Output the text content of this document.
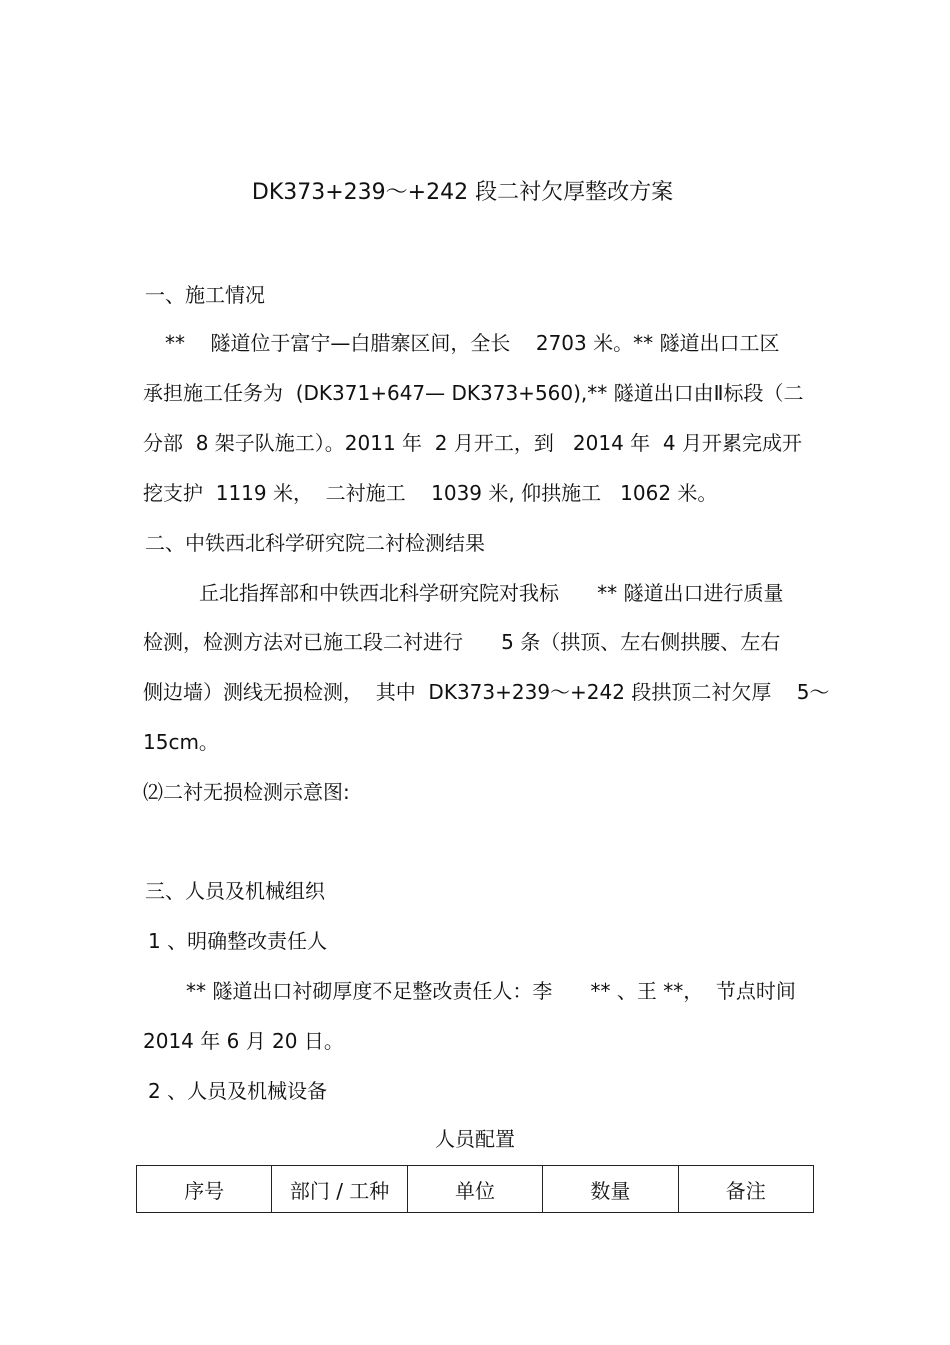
DK373+239～+242 段二衬欠厚整改方案
一、施工情况
**    隧道位于富宁—白腊寨区间，全长    2703 米。** 隧道出口工区
承担施工任务为  (DK371+647— DK373+560),** 隧道出口由Ⅱ标段（二
分部  8 架子队施工）。2011 年  2 月开工，到   2014 年  4 月开累完成开
挖支护  1119 米，  二衬施工    1039 米, 仰拱施工   1062 米。
二、中铁西北科学研究院二衬检测结果
丘北指挥部和中铁西北科学研究院对我标      ** 隧道出口进行质量
检测，检测方法对已施工段二衬进行      5 条（拱顶、左右侧拱腰、左右
侧边墙）测线无损检测，  其中  DK373+239～+242 段拱顶二衬欠厚    5～
15cm。
⑵二衬无损检测示意图:
三、人员及机械组织
1 、明确整改责任人
** 隧道出口衬砌厚度不足整改责任人：李      ** 、王 **，  节点时间
2014 年 6 月 20 日。
2 、人员及机械设备
人员配置
序号	部门 / 工种	单位	数量	备注
